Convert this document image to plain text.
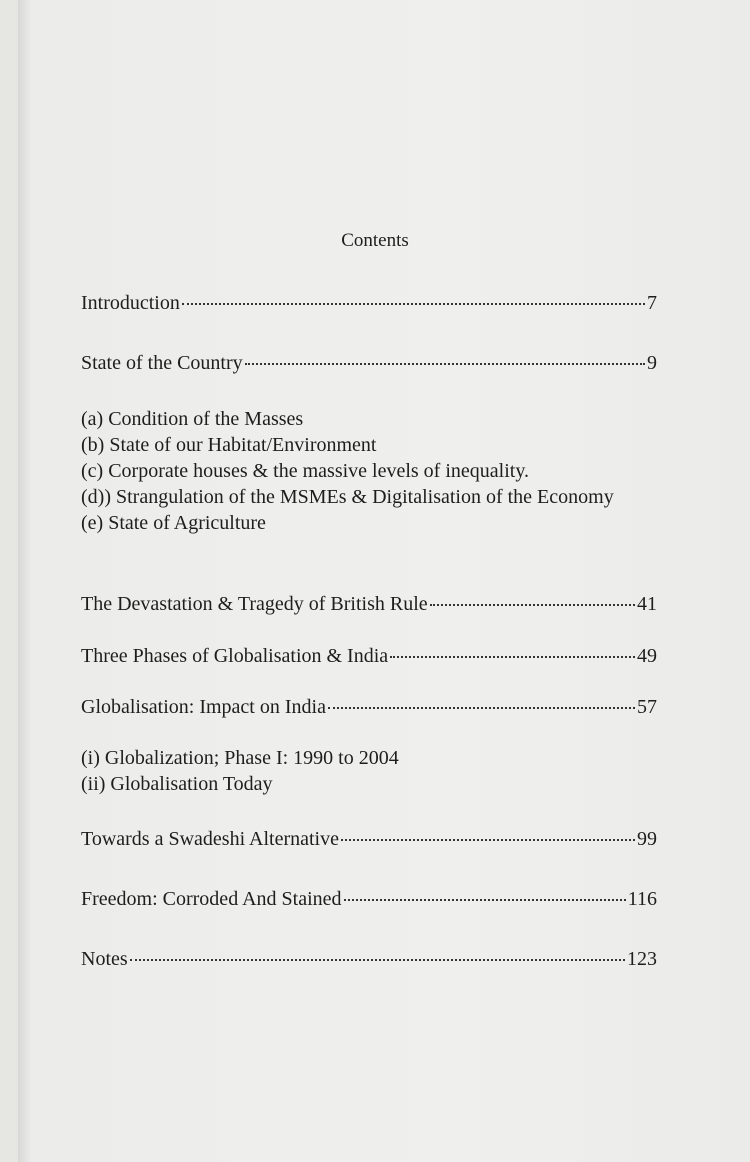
Contents
Introduction	7
State of the Country	9
(a) Condition of the Masses
(b) State of our Habitat/Environment
(c) Corporate houses & the massive levels of inequality.
(d)) Strangulation of the MSMEs & Digitalisation of the Economy
(e) State of Agriculture
The Devastation & Tragedy of British Rule	41
Three Phases of Globalisation & India	49
Globalisation: Impact on India	57
(i) Globalization; Phase I: 1990 to 2004
(ii) Globalisation Today
Towards a Swadeshi Alternative	99
Freedom: Corroded And Stained	116
Notes	123
